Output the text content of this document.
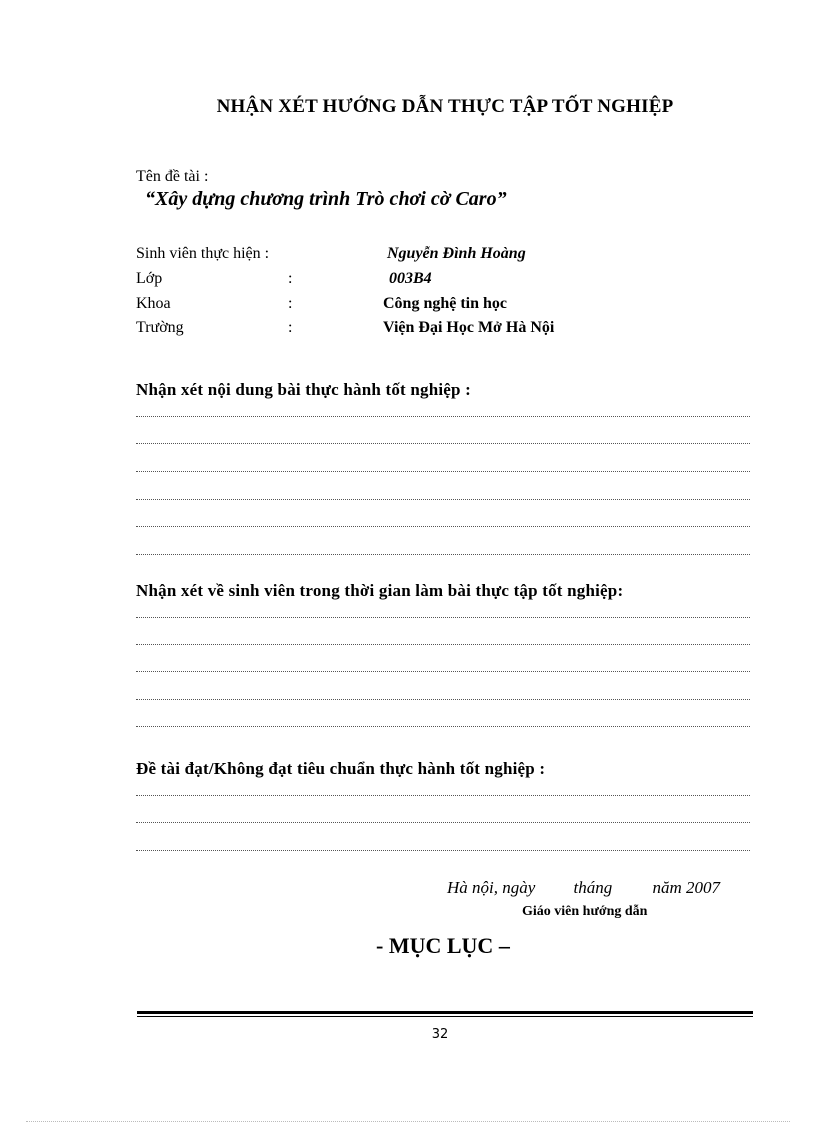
NHẬN XÉT HƯỚNG DẪN THỰC TẬP TỐT NGHIỆP
Tên đề tài :
“Xây dựng chương trình Trò chơi cờ Caro”
Sinh viên thực hiện :	Nguyễn Đình Hoàng
Lớp	:	003B4
Khoa	:	Công nghệ tin học
Trường	:	Viện Đại Học Mở Hà Nội
Nhận xét nội dung bài thực hành tốt nghiệp :
Nhận xét về sinh viên trong thời gian làm bài thực tập tốt nghiệp:
Đề tài đạt/Không đạt tiêu chuẩn thực hành tốt nghiệp :
Hà nội, ngày tháng năm 2007
Giáo viên hướng dẫn
- MỤC LỤC –
32
